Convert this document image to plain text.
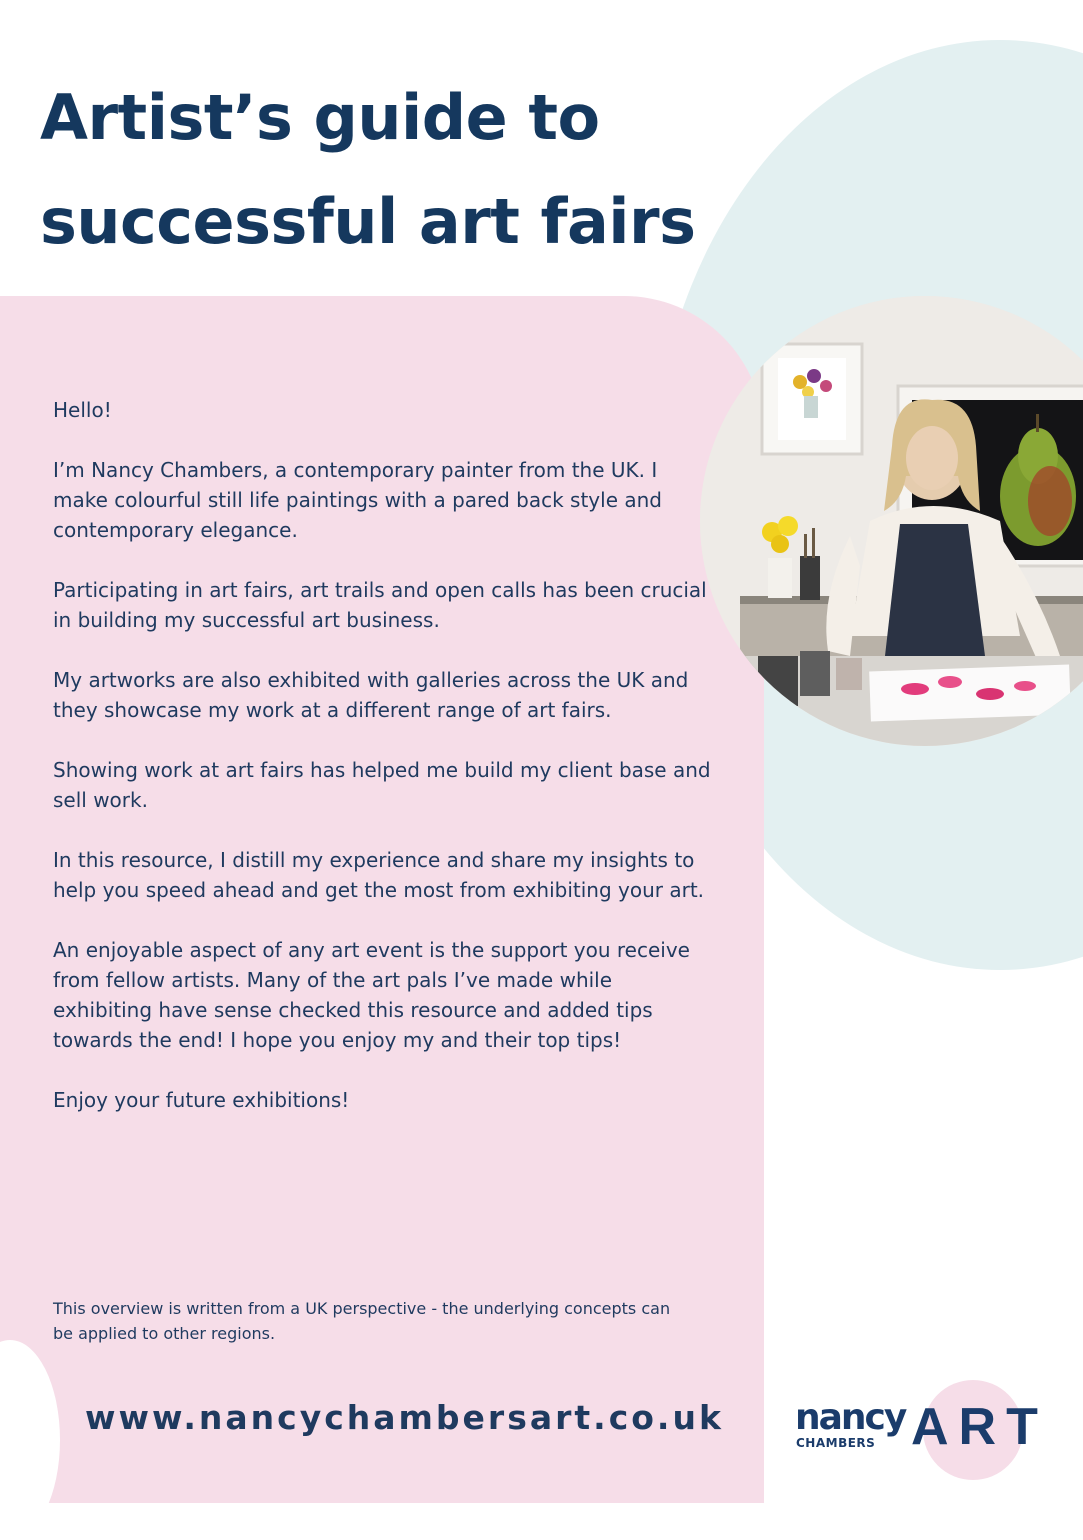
Artist’s guide to
successful art fairs

Hello!

I’m Nancy Chambers, a contemporary painter from the UK. I make colourful still life paintings with a pared back style and contemporary elegance.

Participating in art fairs, art trails and open calls has been crucial in building my successful art business.

My artworks are also exhibited with galleries across the UK and they showcase my work at a different range of art fairs.

Showing work at art fairs has helped me build my client base and sell work.

In this resource, I distill my experience and share my insights to help you speed ahead and get the most from exhibiting your art.

An enjoyable aspect of any art event is the support you receive from fellow artists. Many of the art pals I’ve made while exhibiting have sense checked this resource and added tips towards the end! I hope you enjoy my and their top tips!

Enjoy your future exhibitions!

This overview is written from a UK perspective - the underlying concepts can be applied to other regions.
www.nancychambersart.co.uk nancy
CHAMBERS ART
